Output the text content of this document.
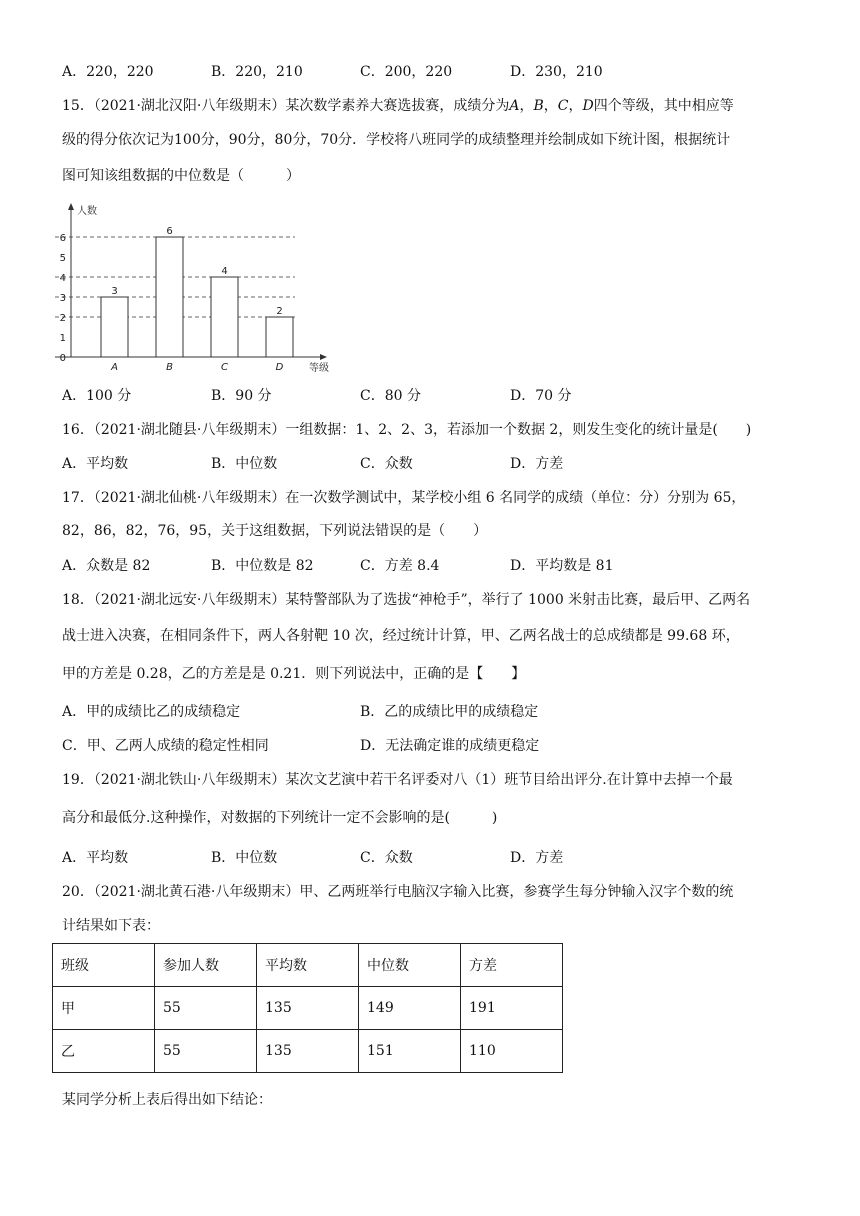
A．220，220	B．220，210	C．200，220	D．230，210
15．（2021·湖北汉阳·八年级期末）某次数学素养大赛选拔赛，成绩分为A，B，C，D四个等级，其中相应等
级的得分依次记为100分，90分，80分，70分．学校将八班同学的成绩整理并绘制成如下统计图，根据统计
图可知该组数据的中位数是（　　　）
0
1
2
3
4
5
6
3
A
6
B
4
C
2
D
人数
等级
A．100 分	B．90 分	C．80 分	D．70 分
16．（2021·湖北随县·八年级期末）一组数据：1、2、2、3，若添加一个数据 2，则发生变化的统计量是(　　)
A．平均数	B．中位数	C．众数	D．方差
17．（2021·湖北仙桃·八年级期末）在一次数学测试中，某学校小组 6 名同学的成绩（单位：分）分别为 65，
82，86，82，76，95，关于这组数据，下列说法错误的是（　　）
A．众数是 82	B．中位数是 82	C．方差 8.4	D．平均数是 81
18．（2021·湖北远安·八年级期末）某特警部队为了选拔“神枪手”，举行了 1000 米射击比赛，最后甲、乙两名
战士进入决赛，在相同条件下，两人各射靶 10 次，经过统计计算，甲、乙两名战士的总成绩都是 99.68 环，
甲的方差是 0.28，乙的方差是是 0.21．则下列说法中，正确的是【　　】
A．甲的成绩比乙的成绩稳定	B．乙的成绩比甲的成绩稳定
C．甲、乙两人成绩的稳定性相同	D．无法确定谁的成绩更稳定
19．（2021·湖北铁山·八年级期末）某次文艺演中若干名评委对八（1）班节目给出评分.在计算中去掉一个最
高分和最低分.这种操作，对数据的下列统计一定不会影响的是(　　　)
A．平均数	B．中位数	C．众数	D．方差
20．（2021·湖北黄石港·八年级期末）甲、乙两班举行电脑汉字输入比赛，参赛学生每分钟输入汉字个数的统
计结果如下表：
班级	参加人数	平均数	中位数	方差
甲	55	135	149	191
乙	55	135	151	110
某同学分析上表后得出如下结论：
